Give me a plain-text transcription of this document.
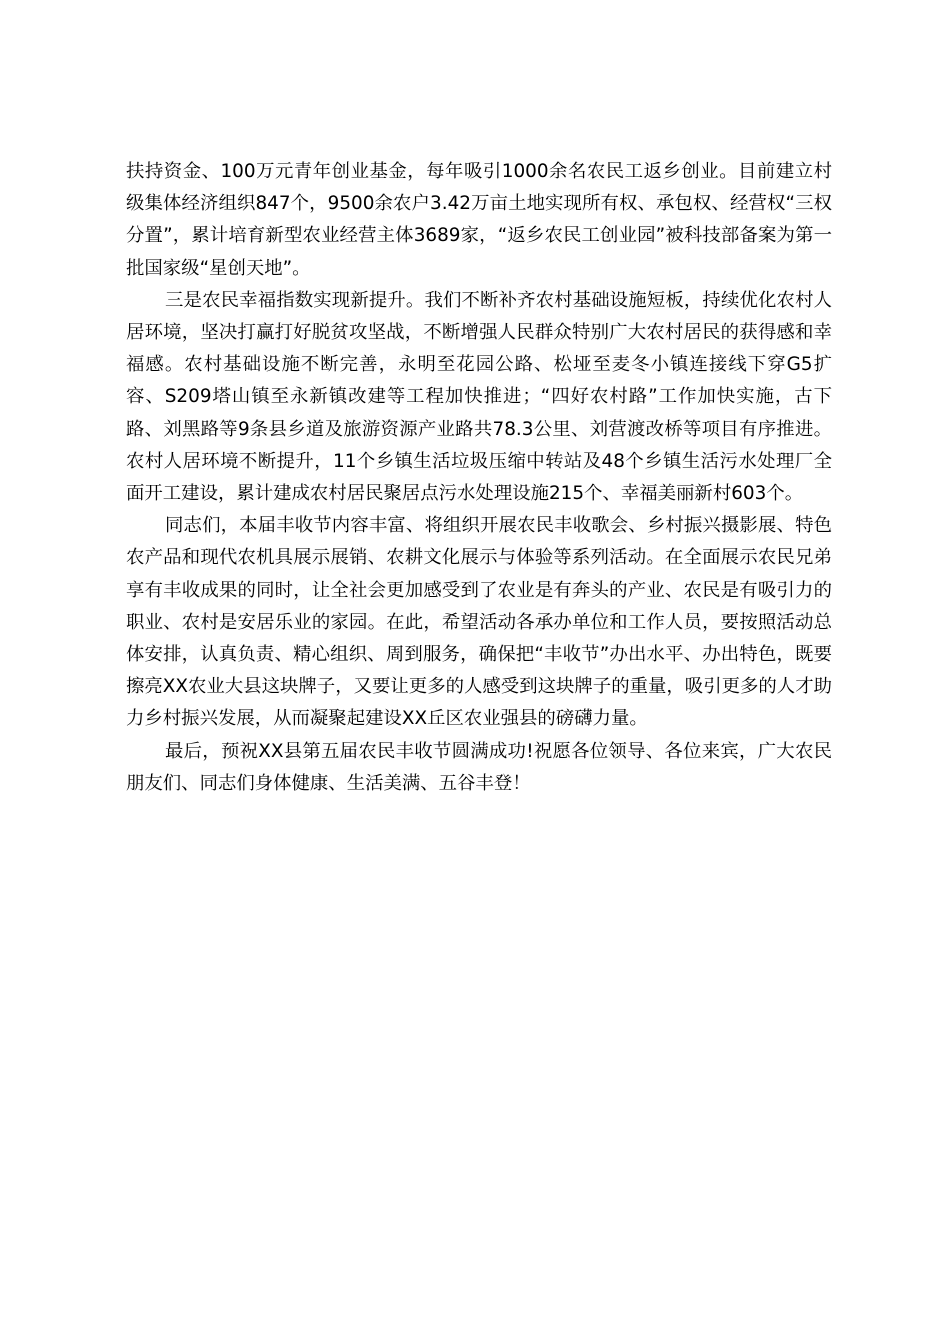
扶持资金、100万元青年创业基金，每年吸引1000余名农民工返乡创业。目前建立村级集体经济组织847个，9500余农户3.42万亩土地实现所有权、承包权、经营权“三权分置”，累计培育新型农业经营主体3689家，“返乡农民工创业园”被科技部备案为第一批国家级“星创天地”。

三是农民幸福指数实现新提升。我们不断补齐农村基础设施短板，持续优化农村人居环境，坚决打赢打好脱贫攻坚战，不断增强人民群众特别广大农村居民的获得感和幸福感。农村基础设施不断完善，永明至花园公路、松垭至麦冬小镇连接线下穿G5扩容、S209塔山镇至永新镇改建等工程加快推进；“四好农村路”工作加快实施，古下路、刘黑路等9条县乡道及旅游资源产业路共78.3公里、刘营渡改桥等项目有序推进。农村人居环境不断提升，11个乡镇生活垃圾压缩中转站及48个乡镇生活污水处理厂全面开工建设，累计建成农村居民聚居点污水处理设施215个、幸福美丽新村603个。

同志们，本届丰收节内容丰富、将组织开展农民丰收歌会、乡村振兴摄影展、特色农产品和现代农机具展示展销、农耕文化展示与体验等系列活动。在全面展示农民兄弟享有丰收成果的同时，让全社会更加感受到了农业是有奔头的产业、农民是有吸引力的职业、农村是安居乐业的家园。在此，希望活动各承办单位和工作人员，要按照活动总体安排，认真负责、精心组织、周到服务，确保把“丰收节”办出水平、办出特色，既要擦亮XX农业大县这块牌子，又要让更多的人感受到这块牌子的重量，吸引更多的人才助力乡村振兴发展，从而凝聚起建设XX丘区农业强县的磅礴力量。

最后，预祝XX县第五届农民丰收节圆满成功!祝愿各位领导、各位来宾，广大农民朋友们、同志们身体健康、生活美满、五谷丰登！
